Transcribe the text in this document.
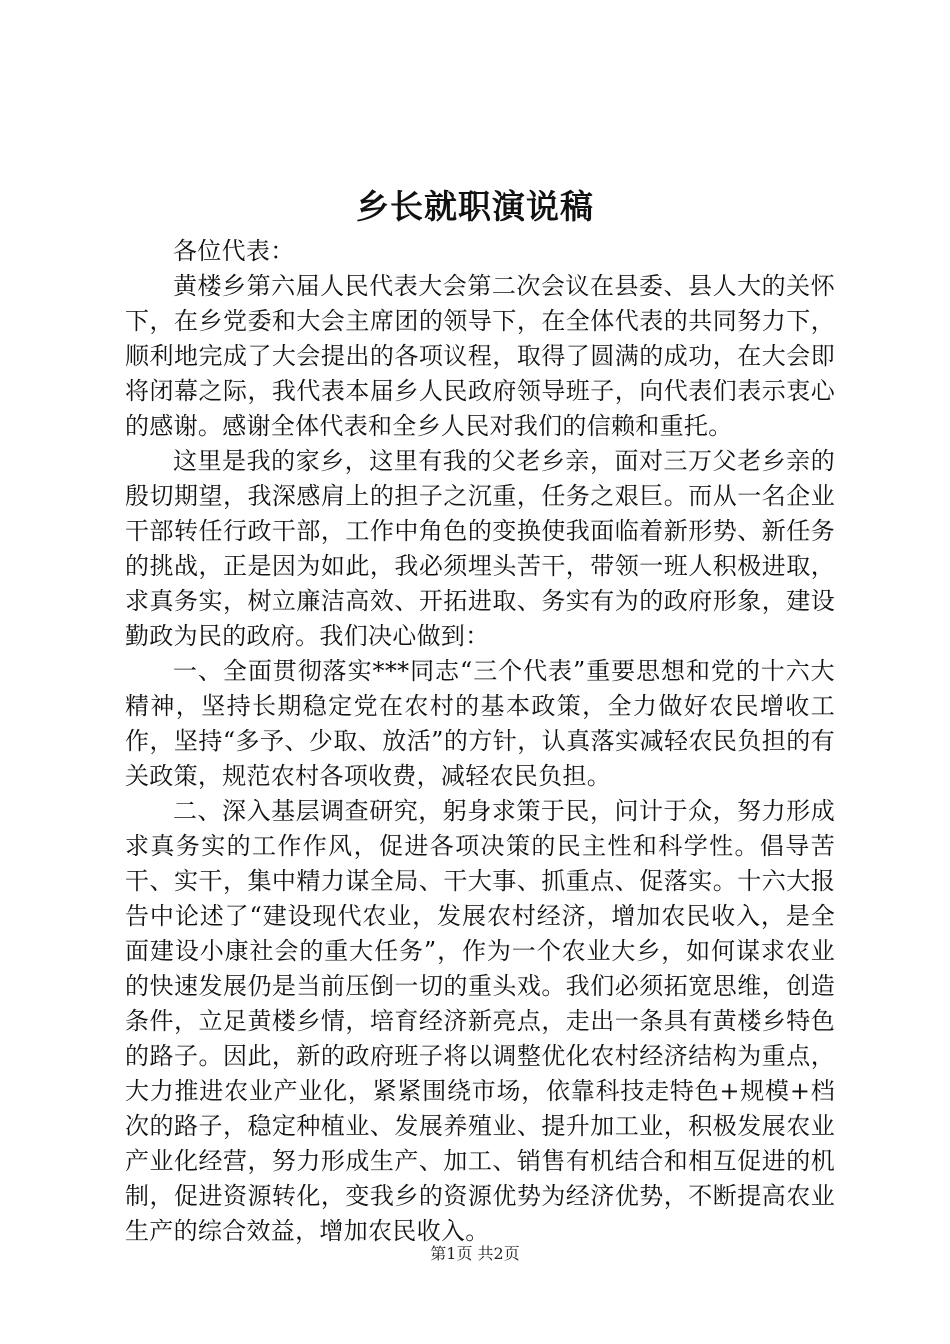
乡长就职演说稿

各位代表：

黄楼乡第六届人民代表大会第二次会议在县委、县人大的关怀下，在乡党委和大会主席团的领导下，在全体代表的共同努力下，顺利地完成了大会提出的各项议程，取得了圆满的成功，在大会即将闭幕之际，我代表本届乡人民政府领导班子，向代表们表示衷心的感谢。感谢全体代表和全乡人民对我们的信赖和重托。

这里是我的家乡，这里有我的父老乡亲，面对三万父老乡亲的殷切期望，我深感肩上的担子之沉重，任务之艰巨。而从一名企业干部转任行政干部，工作中角色的变换使我面临着新形势、新任务的挑战，正是因为如此，我必须埋头苦干，带领一班人积极进取，求真务实，树立廉洁高效、开拓进取、务实有为的政府形象，建设勤政为民的政府。我们决心做到：

一、全面贯彻落实***同志“三个代表”重要思想和党的十六大精神，坚持长期稳定党在农村的基本政策，全力做好农民增收工作，坚持“多予、少取、放活”的方针，认真落实减轻农民负担的有关政策，规范农村各项收费，减轻农民负担。

二、深入基层调查研究，躬身求策于民，问计于众，努力形成求真务实的工作作风，促进各项决策的民主性和科学性。倡导苦干、实干，集中精力谋全局、干大事、抓重点、促落实。十六大报告中论述了“建设现代农业，发展农村经济，增加农民收入，是全面建设小康社会的重大任务”，作为一个农业大乡，如何谋求农业的快速发展仍是当前压倒一切的重头戏。我们必须拓宽思维，创造条件，立足黄楼乡情，培育经济新亮点，走出一条具有黄楼乡特色的路子。因此，新的政府班子将以调整优化农村经济结构为重点，大力推进农业产业化，紧紧围绕市场，依靠科技走特色+规模+档次的路子，稳定种植业、发展养殖业、提升加工业，积极发展农业产业化经营，努力形成生产、加工、销售有机结合和相互促进的机制，促进资源转化，变我乡的资源优势为经济优势，不断提高农业生产的综合效益，增加农民收入。

第1页 共2页
